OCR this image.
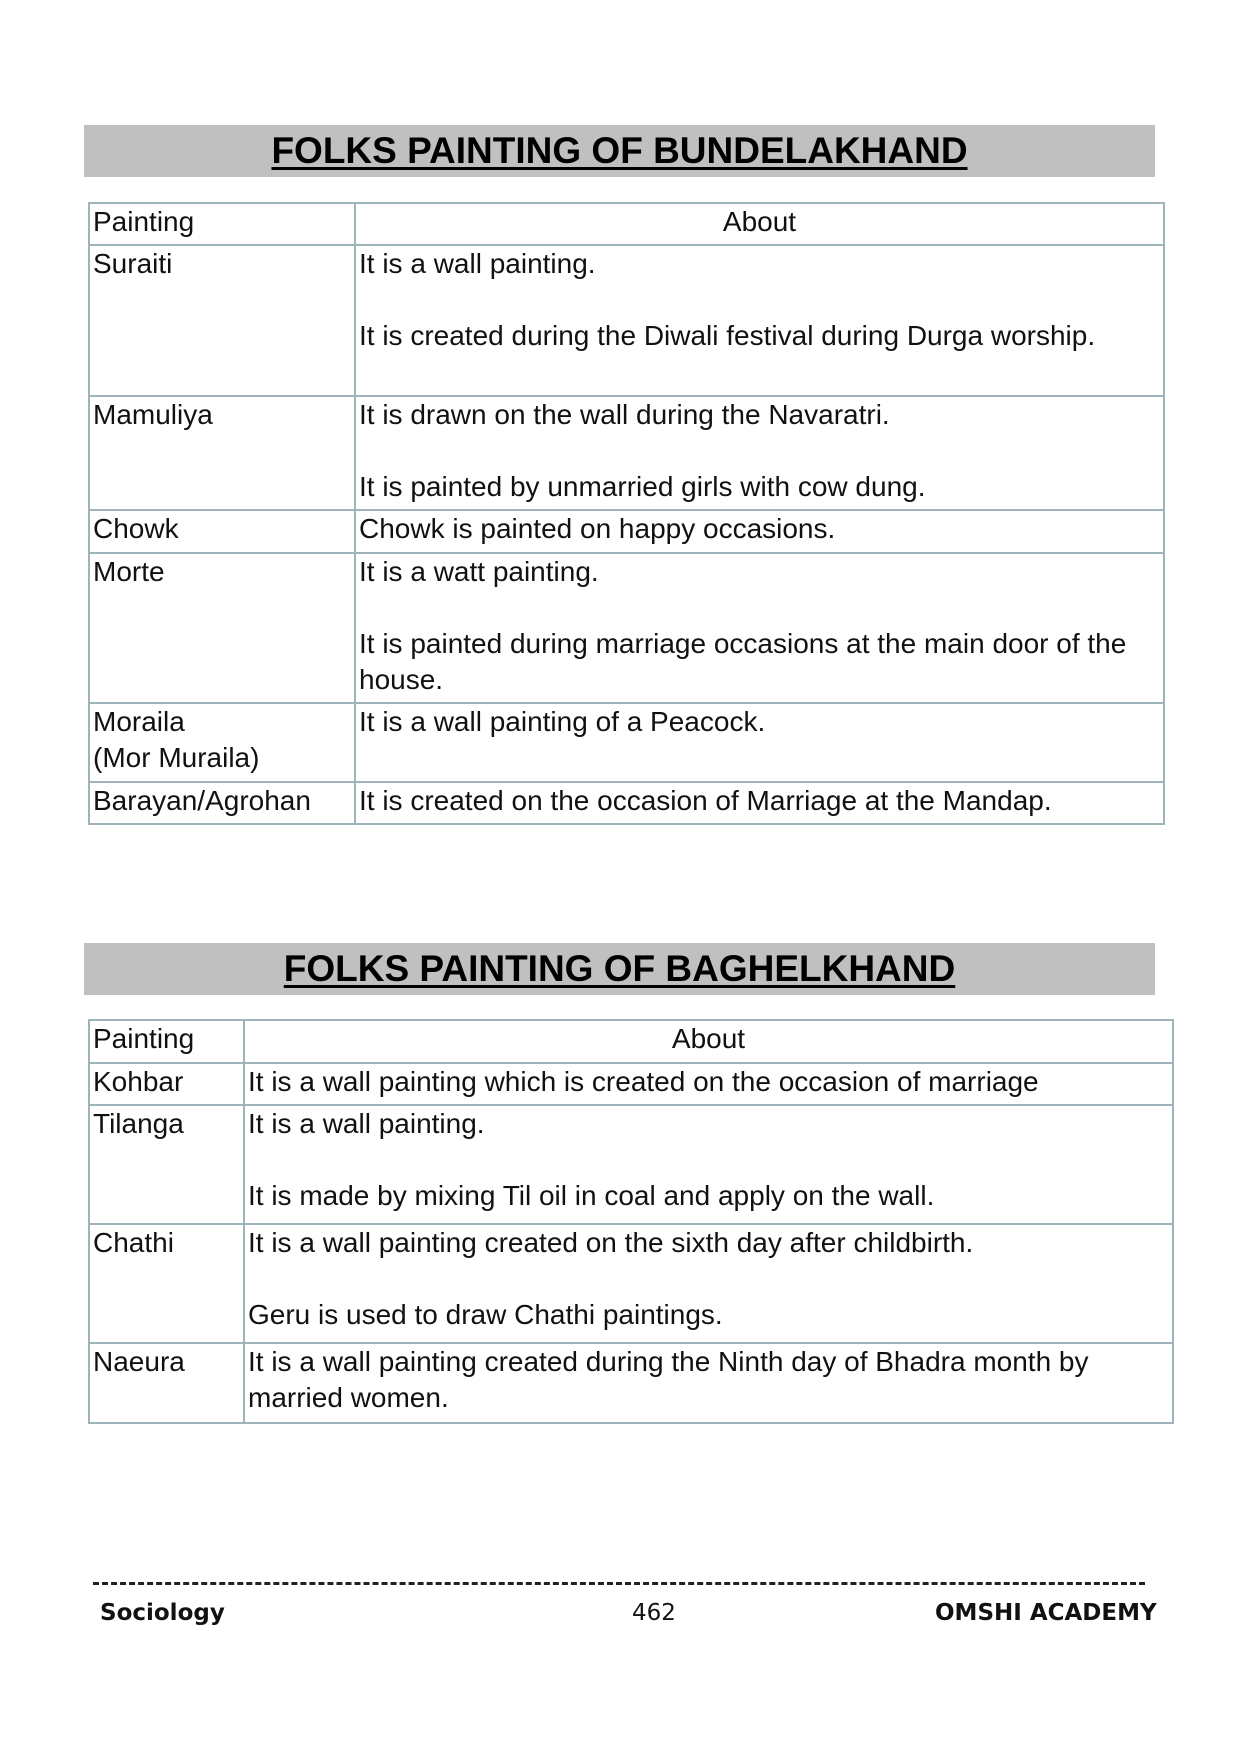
FOLKS PAINTING OF BUNDELAKHAND
Painting	About

Suraiti	It is a wall painting.
It is created during the Diwali festival during Durga worship.

Mamuliya	It is drawn on the wall during the Navaratri.
It is painted by unmarried girls with cow dung.

Chowk	Chowk is painted on happy occasions.

Morte	It is a watt painting.
It is painted during marriage occasions at the main door of the house.

Moraila
(Mor Muraila)	It is a wall painting of a Peacock.

Barayan/Agrohan	It is created on the occasion of Marriage at the Mandap.
FOLKS PAINTING OF BAGHELKHAND
Painting	About

Kohbar	It is a wall painting which is created on the occasion of marriage

Tilanga	It is a wall painting.
It is made by mixing Til oil in coal and apply on the wall.

Chathi	It is a wall painting created on the sixth day after childbirth.
Geru is used to draw Chathi paintings.

Naeura	It is a wall painting created during the Ninth day of Bhadra month by married women.
Sociology	462	OMSHI ACADEMY
